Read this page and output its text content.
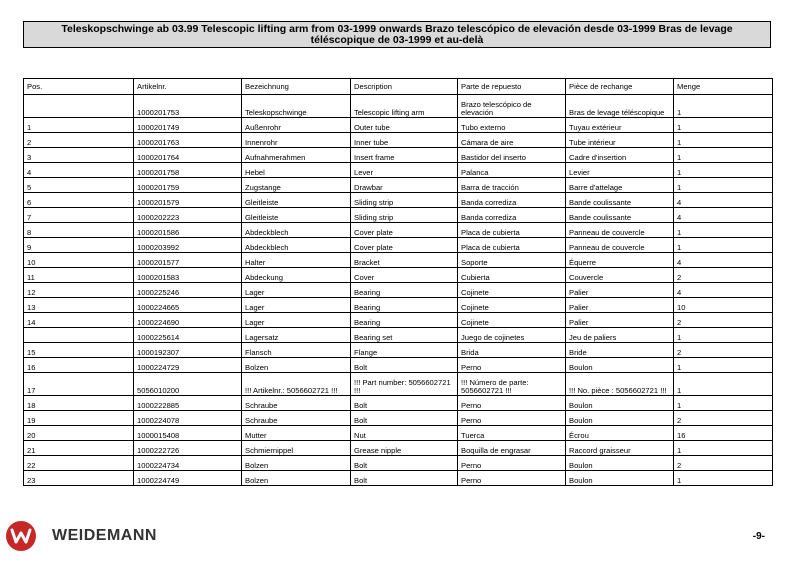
Teleskopschwinge ab 03.99 Telescopic lifting arm from 03-1999 onwards Brazo telescópico de elevación desde 03-1999 Bras de levage téléscopique de 03-1999 et au-delà
Pos.	Artikelnr.	Bezeichnung	Description	Parte de repuesto	Pièce de rechange	Menge
	1000201753	Teleskopschwinge	Telescopic lifting arm	Brazo telescópico de elevación	Bras de levage téléscopique	1
1	1000201749	Außenrohr	Outer tube	Tubo externo	Tuyau extérieur	1
2	1000201763	Innenrohr	Inner tube	Cámara de aire	Tube intérieur	1
3	1000201764	Aufnahmerahmen	Insert frame	Bastidor del inserto	Cadre d'insertion	1
4	1000201758	Hebel	Lever	Palanca	Levier	1
5	1000201759	Zugstange	Drawbar	Barra de tracción	Barre d'attelage	1
6	1000201579	Gleitleiste	Sliding strip	Banda corrediza	Bande coulissante	4
7	1000202223	Gleitleiste	Sliding strip	Banda corrediza	Bande coulissante	4
8	1000201586	Abdeckblech	Cover plate	Placa de cubierta	Panneau de couvercle	1
9	1000203992	Abdeckblech	Cover plate	Placa de cubierta	Panneau de couvercle	1
10	1000201577	Halter	Bracket	Soporte	Équerre	4
11	1000201583	Abdeckung	Cover	Cubierta	Couvercle	2
12	1000225246	Lager	Bearing	Cojinete	Palier	4
13	1000224665	Lager	Bearing	Cojinete	Palier	10
14	1000224690	Lager	Bearing	Cojinete	Palier	2
	1000225614	Lagersatz	Bearing set	Juego de cojinetes	Jeu de paliers	1
15	1000192307	Flansch	Flange	Brida	Bride	2
16	1000224729	Bolzen	Bolt	Perno	Boulon	1
17	5056010200	!!! Artikelnr.: 5056602721 !!!	!!! Part number: 5056602721 !!!	!!! Número de parte: 5056602721 !!!	!!! No. pièce : 5056602721 !!!	1
18	1000222885	Schraube	Bolt	Perno	Boulon	1
19	1000224078	Schraube	Bolt	Perno	Boulon	2
20	1000015408	Mutter	Nut	Tuerca	Écrou	16
21	1000222726	Schmiernippel	Grease nipple	Boquilla de engrasar	Raccord graisseur	1
22	1000224734	Bolzen	Bolt	Perno	Boulon	2
23	1000224749	Bolzen	Bolt	Perno	Boulon	1
WEIDEMANN	-9-
